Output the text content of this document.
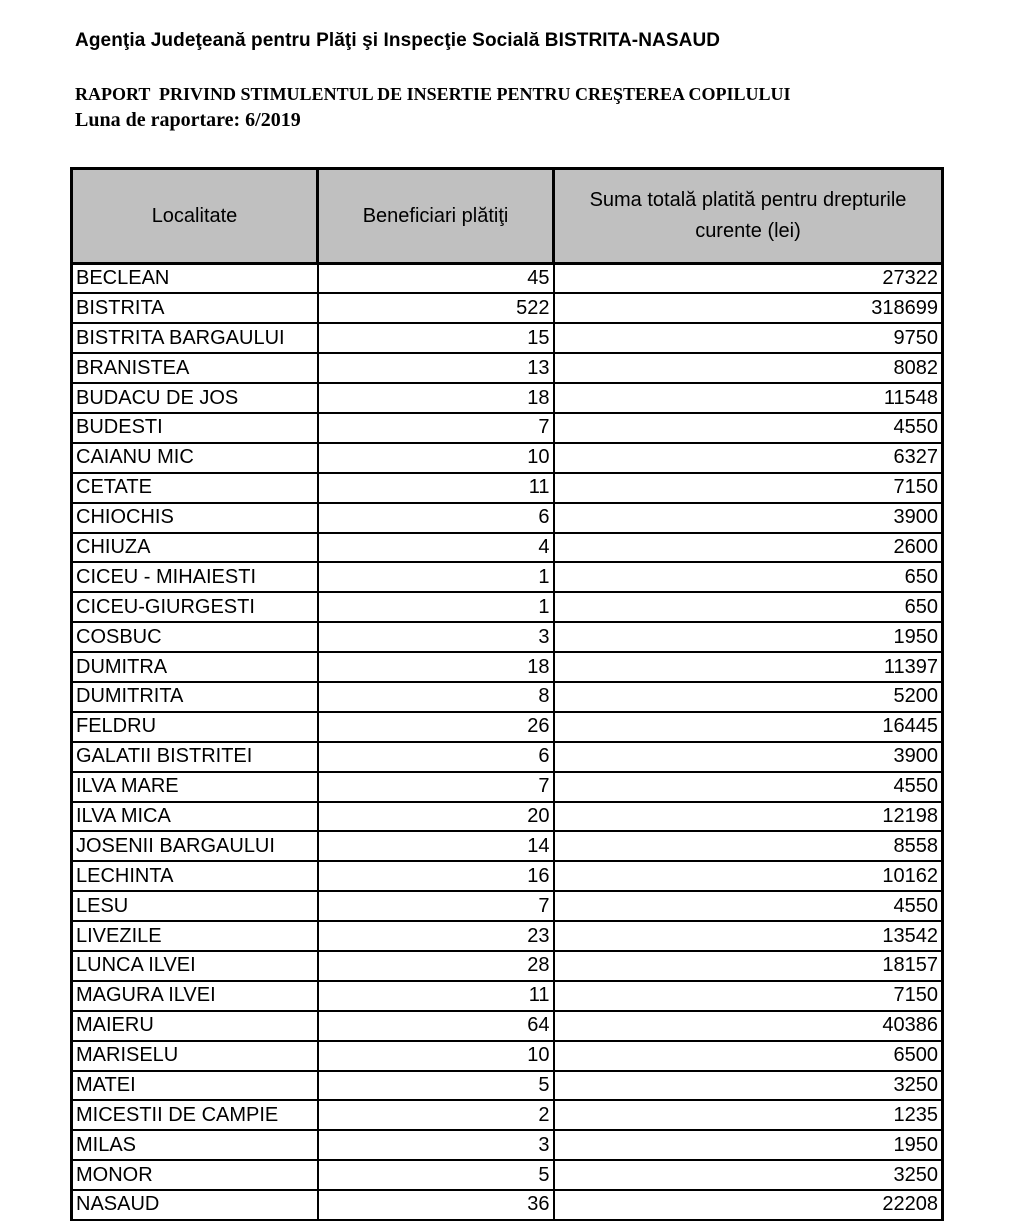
Agenţia Judeţeană pentru Plăţi şi Inspecţie Socială BISTRITA-NASAUD
RAPORT  PRIVIND STIMULENTUL DE INSERTIE PENTRU CREŞTEREA COPILULUI
Luna de raportare: 6/2019
Localitate	Beneficiari plătiţi	Suma totală platită pentru drepturile curente (lei)
BECLEAN	45	27322
BISTRITA	522	318699
BISTRITA BARGAULUI	15	9750
BRANISTEA	13	8082
BUDACU DE JOS	18	11548
BUDESTI	7	4550
CAIANU MIC	10	6327
CETATE	11	7150
CHIOCHIS	6	3900
CHIUZA	4	2600
CICEU - MIHAIESTI	1	650
CICEU-GIURGESTI	1	650
COSBUC	3	1950
DUMITRA	18	11397
DUMITRITA	8	5200
FELDRU	26	16445
GALATII BISTRITEI	6	3900
ILVA MARE	7	4550
ILVA MICA	20	12198
JOSENII BARGAULUI	14	8558
LECHINTA	16	10162
LESU	7	4550
LIVEZILE	23	13542
LUNCA ILVEI	28	18157
MAGURA ILVEI	11	7150
MAIERU	64	40386
MARISELU	10	6500
MATEI	5	3250
MICESTII DE CAMPIE	2	1235
MILAS	3	1950
MONOR	5	3250
NASAUD	36	22208
